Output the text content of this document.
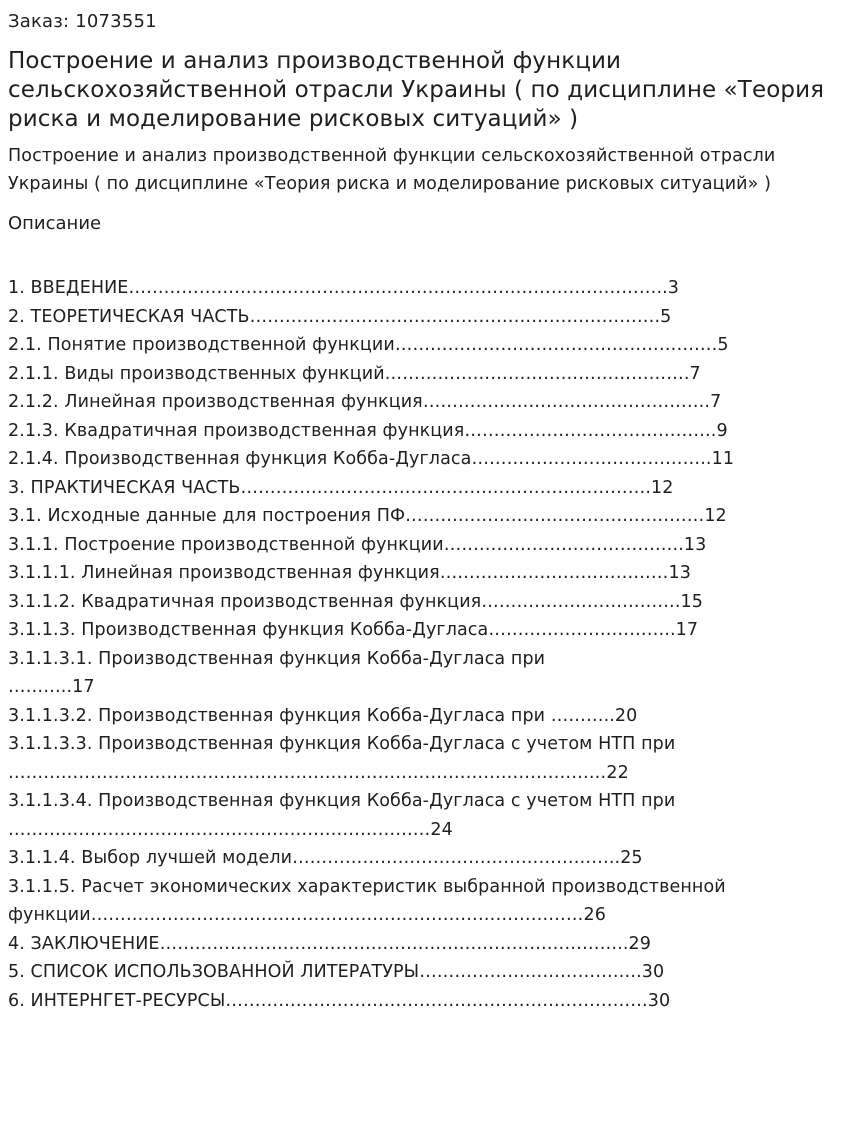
Заказ: 1073551

Построение и анализ производственной функции сельскохозяйственной отрасли Украины ( по дисциплине «Теория риска и моделирование рисковых ситуаций» )

Построение и анализ производственной функции сельскохозяйственной отрасли
Украины ( по дисциплине «Теория риска и моделирование рисковых ситуаций» )

Описание

1. ВВЕДЕНИЕ………………………………………………………………………………..3
2. ТЕОРЕТИЧЕСКАЯ ЧАСТЬ…………………………………………………………….5
2.1. Понятие производственной функции……………………………………………….5
2.1.1. Виды производственных функций…………………………………………….7
2.1.2. Линейная производственная функция………………………………………….7
2.1.3. Квадратичная производственная функция…………………………………….9
2.1.4. Производственная функция Кобба-Дугласа…………………………………..11
3. ПРАКТИЧЕСКАЯ ЧАСТЬ…………………………………………………………….12
3.1. Исходные данные для построения ПФ……………………………………………12
3.1.1. Построение производственной функции…………………………………..13
3.1.1.1. Линейная производственная функция…………………………………13
3.1.1.2. Квадратичная производственная функция…………………………….15
3.1.1.3. Производственная функция Кобба-Дугласа…………………………..17
3.1.1.3.1. Производственная функция Кобба-Дугласа при
………..17
3.1.1.3.2. Производственная функция Кобба-Дугласа при ………..20
3.1.1.3.3. Производственная функция Кобба-Дугласа с учетом НТП при
…………………………………………………………………………………………22
3.1.1.3.4. Производственная функция Кобба-Дугласа с учетом НТП при
………………………………………………………………24
3.1.1.4. Выбор лучшей модели………………………………………………..25
3.1.1.5. Расчет экономических характеристик выбранной производственной
функции…………………………………………………………………………26
4. ЗАКЛЮЧЕНИЕ……………………………………………………………………..29
5. СПИСОК ИСПОЛЬЗОВАННОЙ ЛИТЕРАТУРЫ………………………………..30
6. ИНТЕРНГЕТ-РЕСУРСЫ………………………………………………………………30
